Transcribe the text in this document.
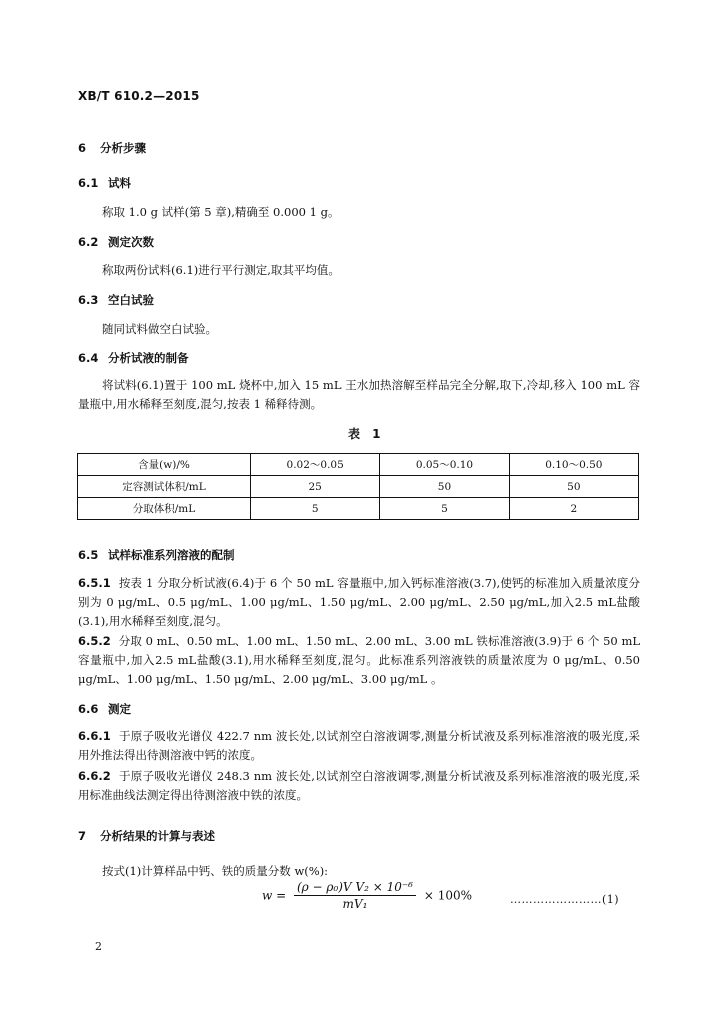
XB/T 610.2—2015
6 分析步骤
6.1 试料
称取 1.0 g 试样(第 5 章),精确至 0.000 1 g。
6.2 测定次数
称取两份试料(6.1)进行平行测定,取其平均值。
6.3 空白试验
随同试料做空白试验。
6.4 分析试液的制备
将试料(6.1)置于 100 mL 烧杯中,加入 15 mL 王水加热溶解至样品完全分解,取下,冷却,移入 100 mL 容量瓶中,用水稀释至刻度,混匀,按表 1 稀释待测。
表 1
含量(w)/%	0.02～0.05	0.05～0.10	0.10～0.50
定容测试体积/mL	25	50	50
分取体积/mL	5	5	2
6.5 试样标准系列溶液的配制
6.5.1 按表 1 分取分析试液(6.4)于 6 个 50 mL 容量瓶中,加入钙标准溶液(3.7),使钙的标准加入质量浓度分别为 0 μg/mL、0.5 μg/mL、1.00 μg/mL、1.50 μg/mL、2.00 μg/mL、2.50 μg/mL,加入2.5 mL盐酸(3.1),用水稀释至刻度,混匀。
6.5.2 分取 0 mL、0.50 mL、1.00 mL、1.50 mL、2.00 mL、3.00 mL 铁标准溶液(3.9)于 6 个 50 mL 容量瓶中,加入2.5 mL盐酸(3.1),用水稀释至刻度,混匀。此标准系列溶液铁的质量浓度为 0 μg/mL、0.50 μg/mL、1.00 μg/mL、1.50 μg/mL、2.00 μg/mL、3.00 μg/mL 。
6.6 测定
6.6.1 于原子吸收光谱仪 422.7 nm 波长处,以试剂空白溶液调零,测量分析试液及系列标准溶液的吸光度,采用外推法得出待测溶液中钙的浓度。
6.6.2 于原子吸收光谱仪 248.3 nm 波长处,以试剂空白溶液调零,测量分析试液及系列标准溶液的吸光度,采用标准曲线法测定得出待测溶液中铁的浓度。
7 分析结果的计算与表述
按式(1)计算样品中钙、铁的质量分数 w(%):
$w = \frac{\text{(ρ − ρ₀)V V₂ × 10⁻⁶}}{\text{mV₁}} \times 100\%$	……………………(1)
2
